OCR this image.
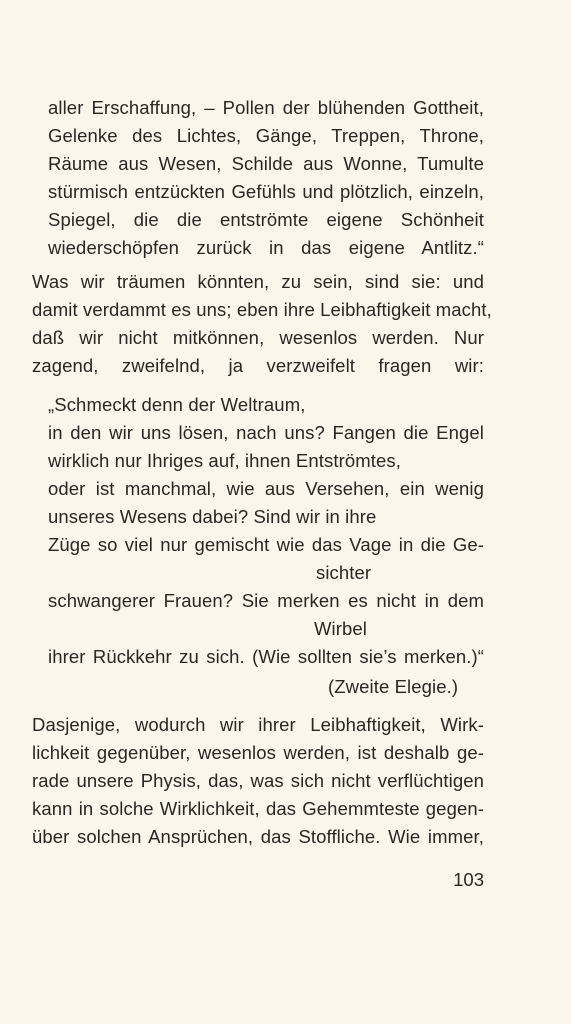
aller Erschaffung, – Pollen der blühenden Gottheit,
Gelenke des Lichtes, Gänge, Treppen, Throne,
Räume aus Wesen, Schilde aus Wonne, Tumulte
stürmisch entzückten Gefühls und plötzlich, einzeln,
Spiegel, die die entströmte eigene Schönheit
wiederschöpfen zurück in das eigene Antlitz.“
Was wir träumen könnten, zu sein, sind sie: und
damit verdammt es uns; eben ihre Leibhaftigkeit macht,
daß wir nicht mitkönnen, wesenlos werden. Nur
zagend, zweifelnd, ja verzweifelt fragen wir:
„Schmeckt denn der Weltraum,
in den wir uns lösen, nach uns? Fangen die Engel
wirklich nur Ihriges auf, ihnen Entströmtes,
oder ist manchmal, wie aus Versehen, ein wenig
unseres Wesens dabei? Sind wir in ihre
Züge so viel nur gemischt wie das Vage in die Ge-
sichter
schwangerer Frauen? Sie merken es nicht in dem
Wirbel
ihrer Rückkehr zu sich. (Wie sollten sie’s merken.)“
(Zweite Elegie.)
Dasjenige, wodurch wir ihrer Leibhaftigkeit, Wirk-
lichkeit gegenüber, wesenlos werden, ist deshalb ge-
rade unsere Physis, das, was sich nicht verflüchtigen
kann in solche Wirklichkeit, das Gehemmteste gegen-
über solchen Ansprüchen, das Stoffliche. Wie immer,
103
